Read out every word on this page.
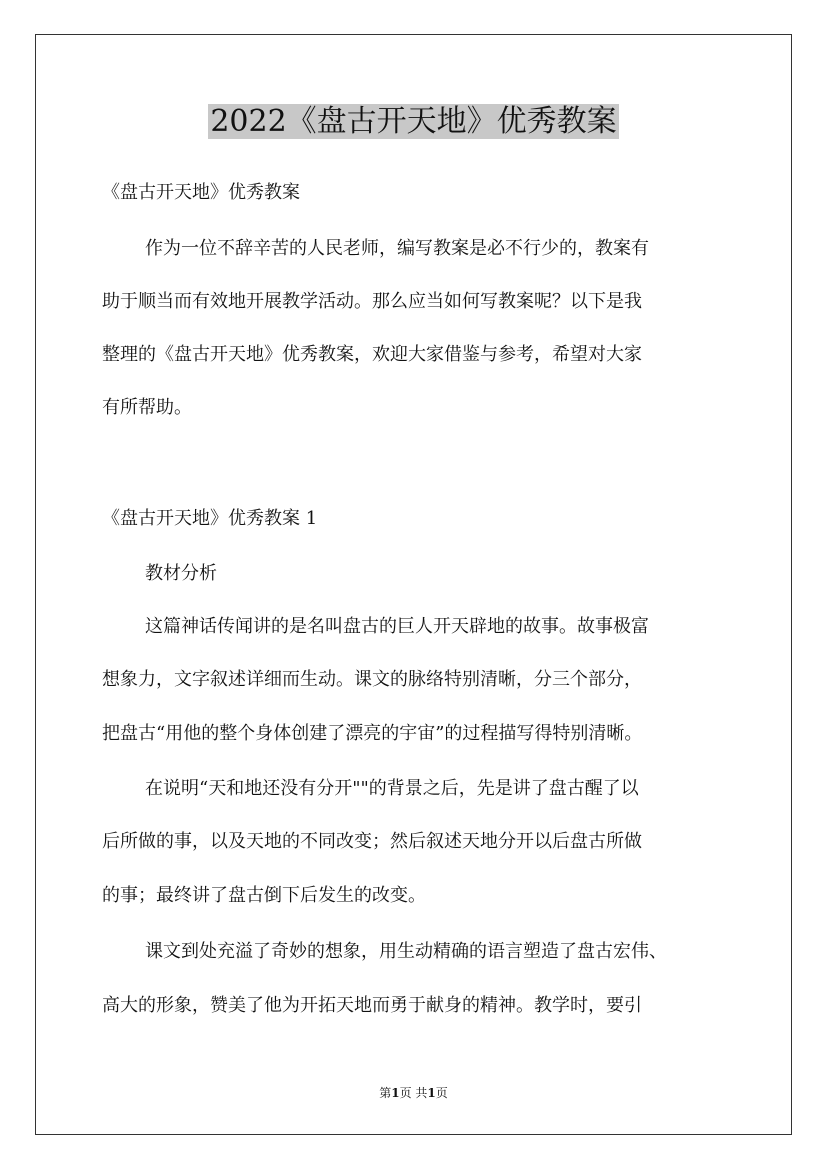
2022《盘古开天地》优秀教案

《盘古开天地》优秀教案

作为一位不辞辛苦的人民老师，编写教案是必不行少的，教案有

助于顺当而有效地开展教学活动。那么应当如何写教案呢？以下是我

整理的《盘古开天地》优秀教案，欢迎大家借鉴与参考，希望对大家

有所帮助。

《盘古开天地》优秀教案 1

教材分析

这篇神话传闻讲的是名叫盘古的巨人开天辟地的故事。故事极富

想象力，文字叙述详细而生动。课文的脉络特别清晰，分三个部分，

把盘古“用他的整个身体创建了漂亮的宇宙”的过程描写得特别清晰。

在说明“天和地还没有分开""的背景之后，先是讲了盘古醒了以

后所做的事，以及天地的不同改变；然后叙述天地分开以后盘古所做

的事；最终讲了盘古倒下后发生的改变。

课文到处充溢了奇妙的想象，用生动精确的语言塑造了盘古宏伟、

高大的形象，赞美了他为开拓天地而勇于献身的精神。教学时，要引

第1页 共1页
